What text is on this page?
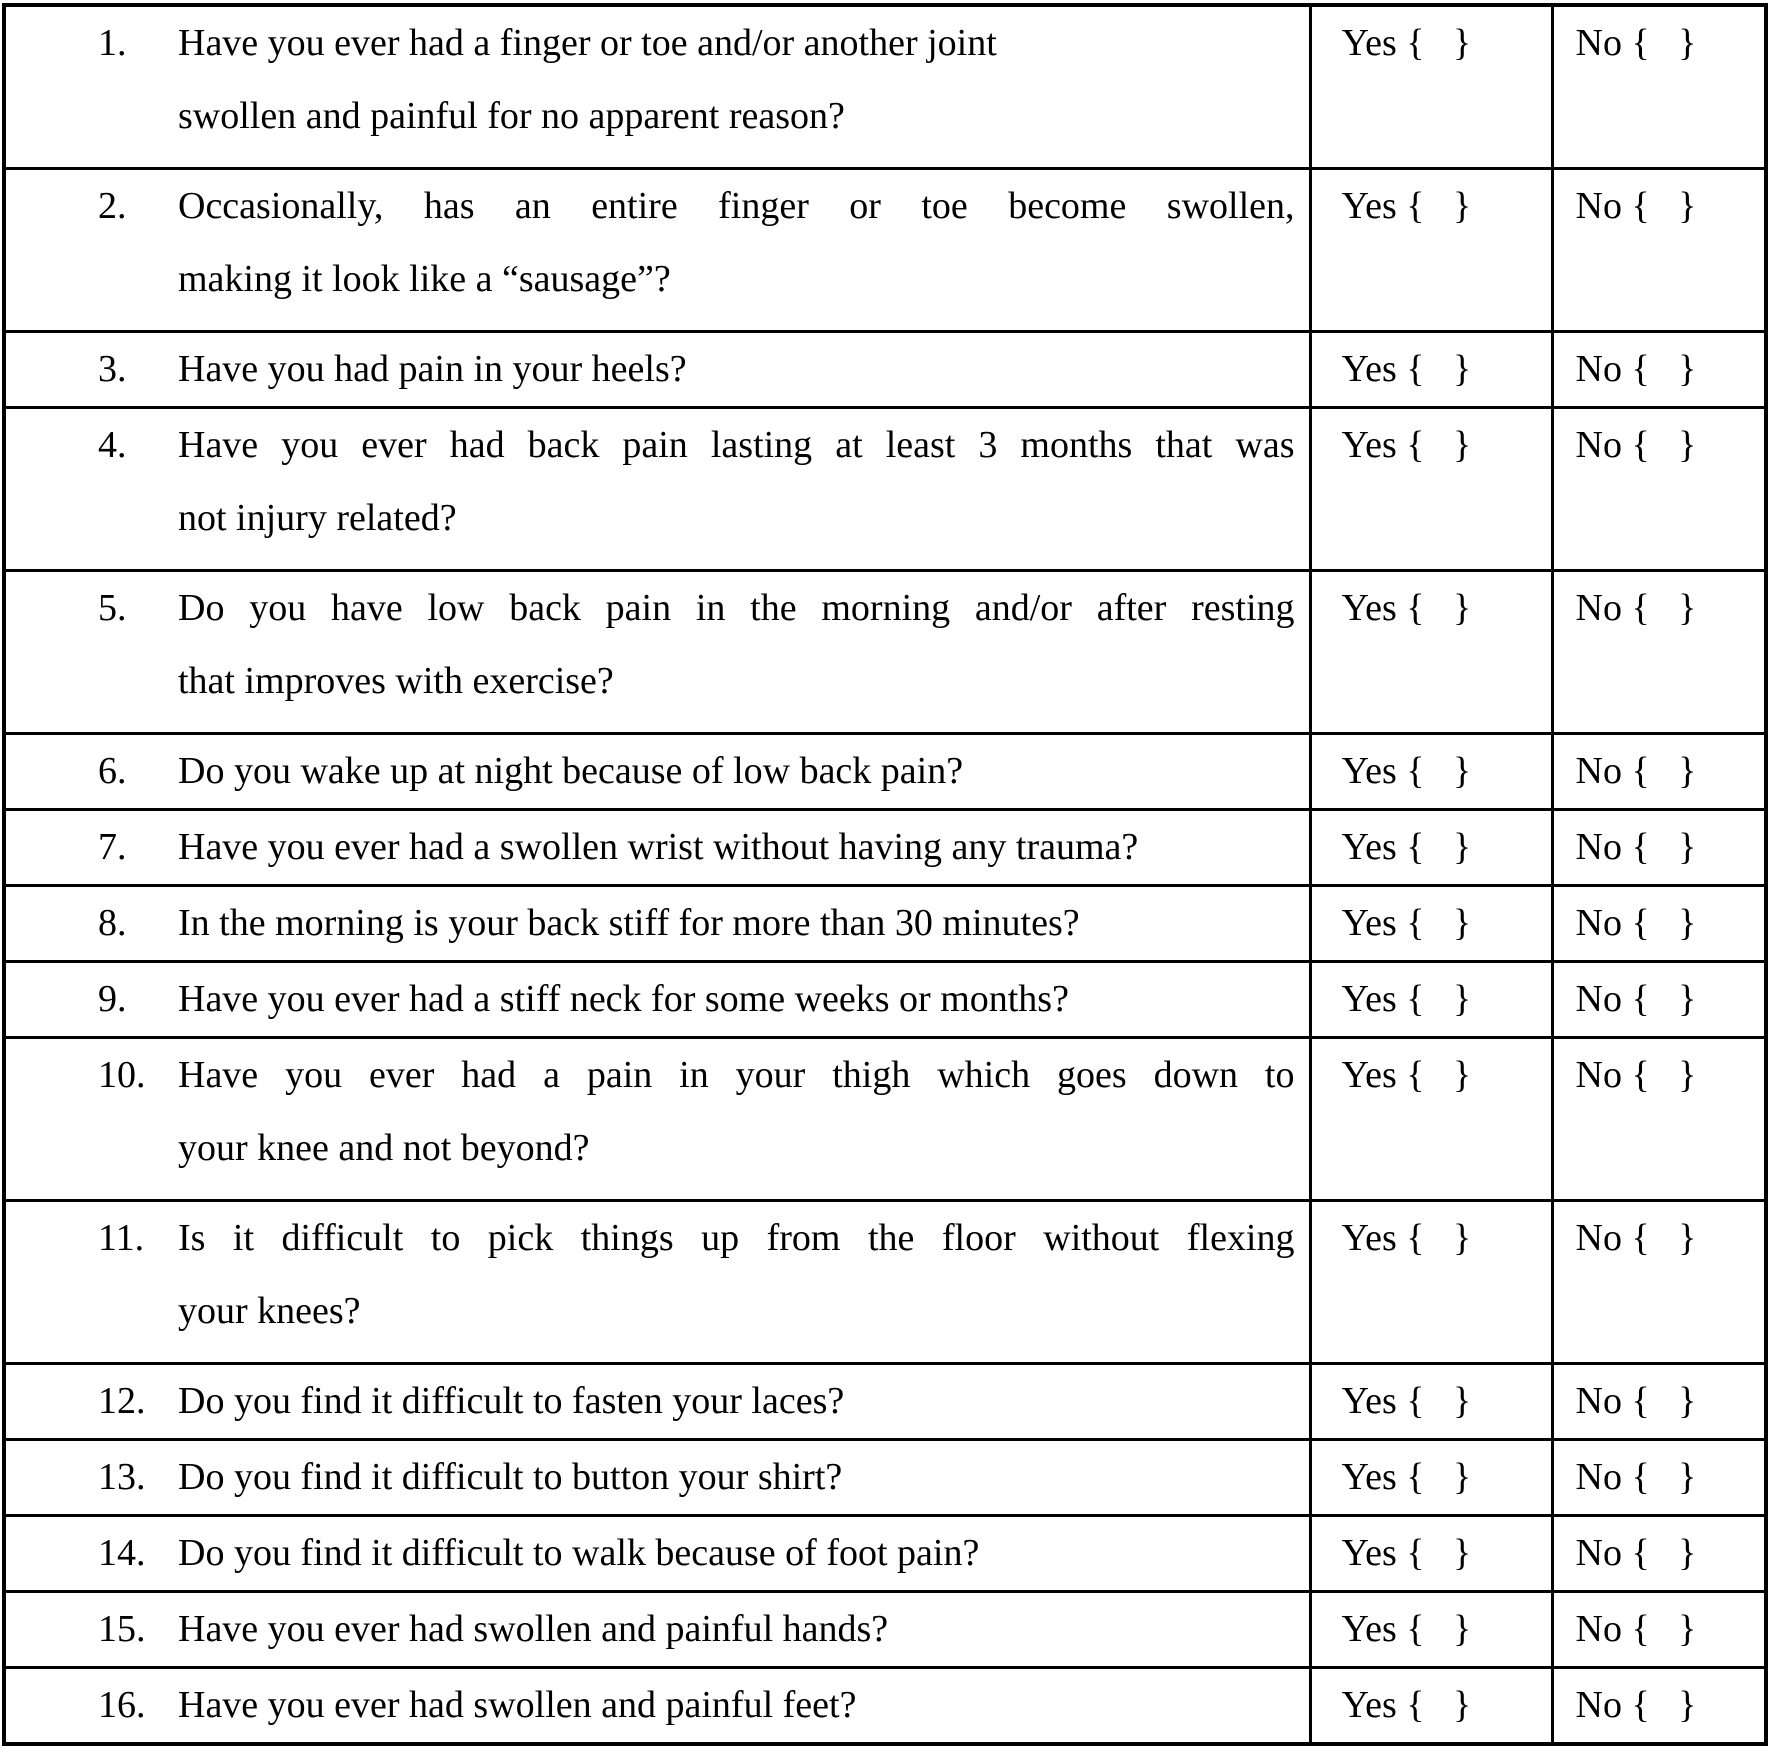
1. Have you ever had a finger or toe and/or another joint
swollen and painful for no apparent reason?	Yes {   }	No {   }

2. Occasionally, has an entire finger or toe become swollen,
making it look like a “sausage”?	Yes {   }	No {   }

3. Have you had pain in your heels?	Yes {   }	No {   }

4. Have you ever had back pain lasting at least 3 months that was
not injury related?	Yes {   }	No {   }

5. Do you have low back pain in the morning and/or after resting
that improves with exercise?	Yes {   }	No {   }

6. Do you wake up at night because of low back pain?	Yes {   }	No {   }

7. Have you ever had a swollen wrist without having any trauma?	Yes {   }	No {   }

8. In the morning is your back stiff for more than 30 minutes?	Yes {   }	No {   }

9. Have you ever had a stiff neck for some weeks or months?	Yes {   }	No {   }

10. Have you ever had a pain in your thigh which goes down to
your knee and not beyond?	Yes {   }	No {   }

11. Is it difficult to pick things up from the floor without flexing
your knees?	Yes {   }	No {   }

12. Do you find it difficult to fasten your laces?	Yes {   }	No {   }

13. Do you find it difficult to button your shirt?	Yes {   }	No {   }

14. Do you find it difficult to walk because of foot pain?	Yes {   }	No {   }

15. Have you ever had swollen and painful hands?	Yes {   }	No {   }

16. Have you ever had swollen and painful feet?	Yes {   }	No {   }
